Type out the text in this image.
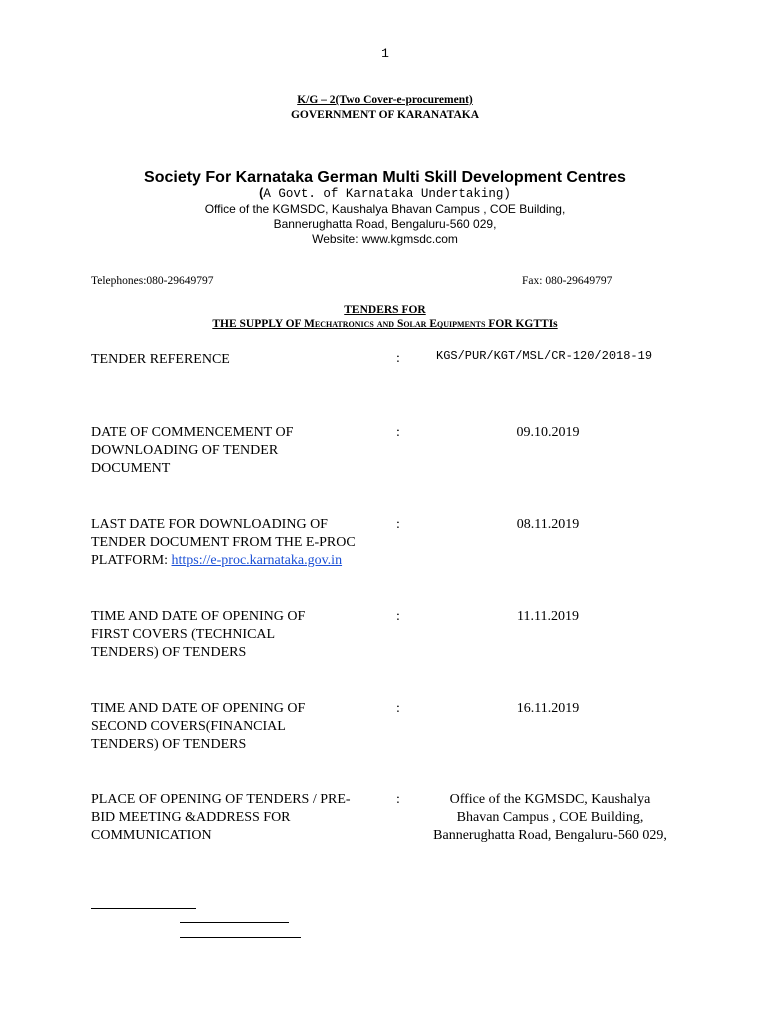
1
K/G – 2(Two Cover-e-procurement)
GOVERNMENT OF KARANATAKA
Society For Karnataka German Multi Skill Development Centres
(A Govt. of Karnataka Undertaking)
Office of the KGMSDC, Kaushalya Bhavan Campus , COE Building,
Bannerughatta Road, Bengaluru-560 029,
Website: www.kgmsdc.com
Telephones:080-29649797	Fax: 080-29649797
TENDERS FOR
THE SUPPLY OF Mechatronics and Solar Equipments FOR KGTTIs
TENDER REFERENCE	:	KGS/PUR/KGT/MSL/CR-120/2018-19
DATE OF COMMENCEMENT OF DOWNLOADING OF TENDER DOCUMENT
:	09.10.2019
LAST DATE FOR DOWNLOADING OF TENDER DOCUMENT FROM THE E-PROC PLATFORM: https://e-proc.karnataka.gov.in
:	08.11.2019
TIME AND DATE OF OPENING OF FIRST COVERS (TECHNICAL TENDERS) OF TENDERS
:	11.11.2019
TIME AND DATE OF OPENING OF SECOND COVERS(FINANCIAL TENDERS) OF TENDERS
:	16.11.2019
PLACE OF OPENING OF TENDERS / PRE-BID MEETING &ADDRESS FOR COMMUNICATION
:	Office of the KGMSDC, Kaushalya
Bhavan Campus , COE Building,
Bannerughatta Road, Bengaluru-560 029,
